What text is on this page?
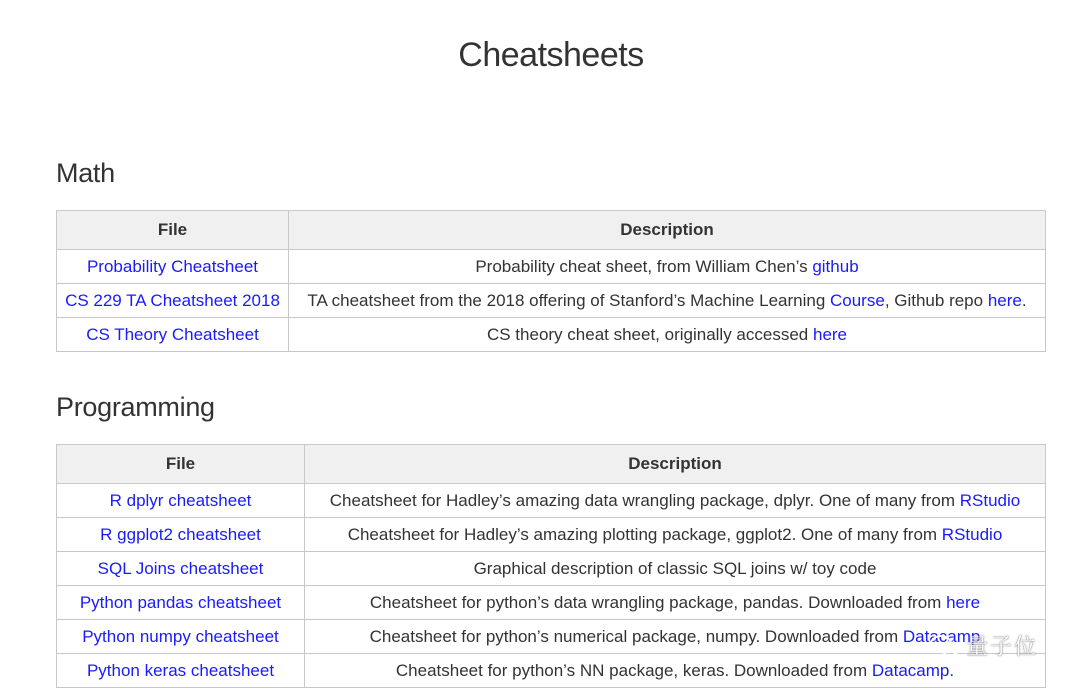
Cheatsheets
Math
File	Description
Probability Cheatsheet	Probability cheat sheet, from William Chen’s github
CS 229 TA Cheatsheet 2018	TA cheatsheet from the 2018 offering of Stanford’s Machine Learning Course, Github repo here.
CS Theory Cheatsheet	CS theory cheat sheet, originally accessed here
Programming
File	Description
R dplyr cheatsheet	Cheatsheet for Hadley’s amazing data wrangling package, dplyr. One of many from RStudio
R ggplot2 cheatsheet	Cheatsheet for Hadley’s amazing plotting package, ggplot2. One of many from RStudio
SQL Joins cheatsheet	Graphical description of classic SQL joins w/ toy code
Python pandas cheatsheet	Cheatsheet for python’s data wrangling package, pandas. Downloaded from here
Python numpy cheatsheet	Cheatsheet for python’s numerical package, numpy. Downloaded from Datacamp
Python keras cheatsheet	Cheatsheet for python’s NN package, keras. Downloaded from Datacamp.
量子位
